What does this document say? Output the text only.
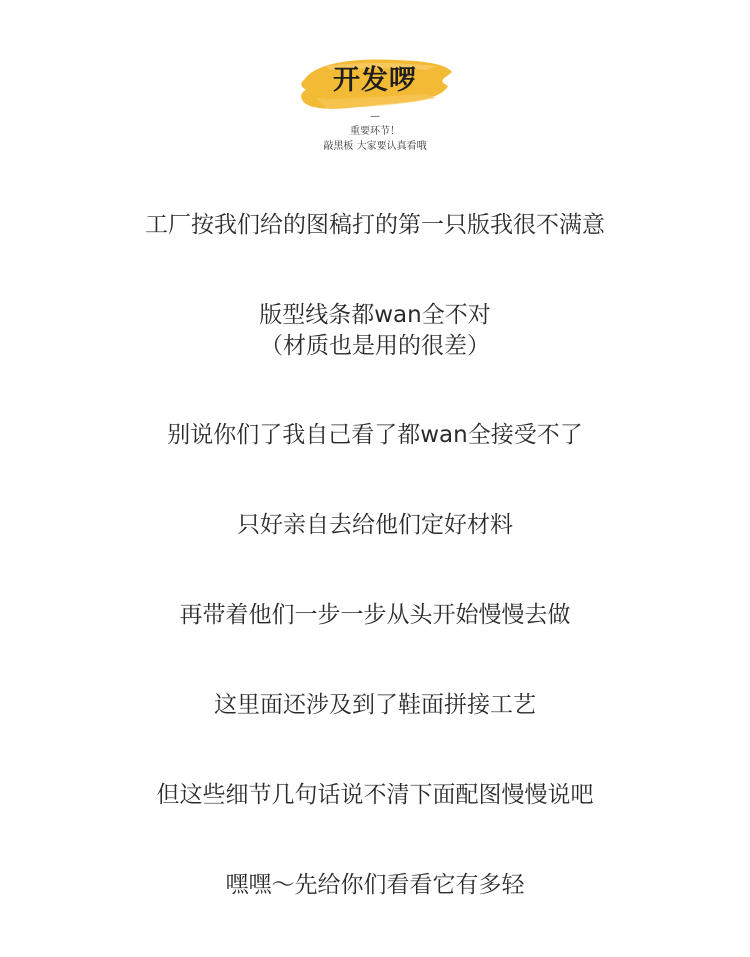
开发啰
—
重要环节！
敲黑板 大家要认真看哦
工厂按我们给的图稿打的第一只版我很不满意
版型线条都wan全不对
（材质也是用的很差）
别说你们了我自己看了都wan全接受不了
只好亲自去给他们定好材料
再带着他们一步一步从头开始慢慢去做
这里面还涉及到了鞋面拼接工艺
但这些细节几句话说不清下面配图慢慢说吧
嘿嘿～先给你们看看它有多轻
